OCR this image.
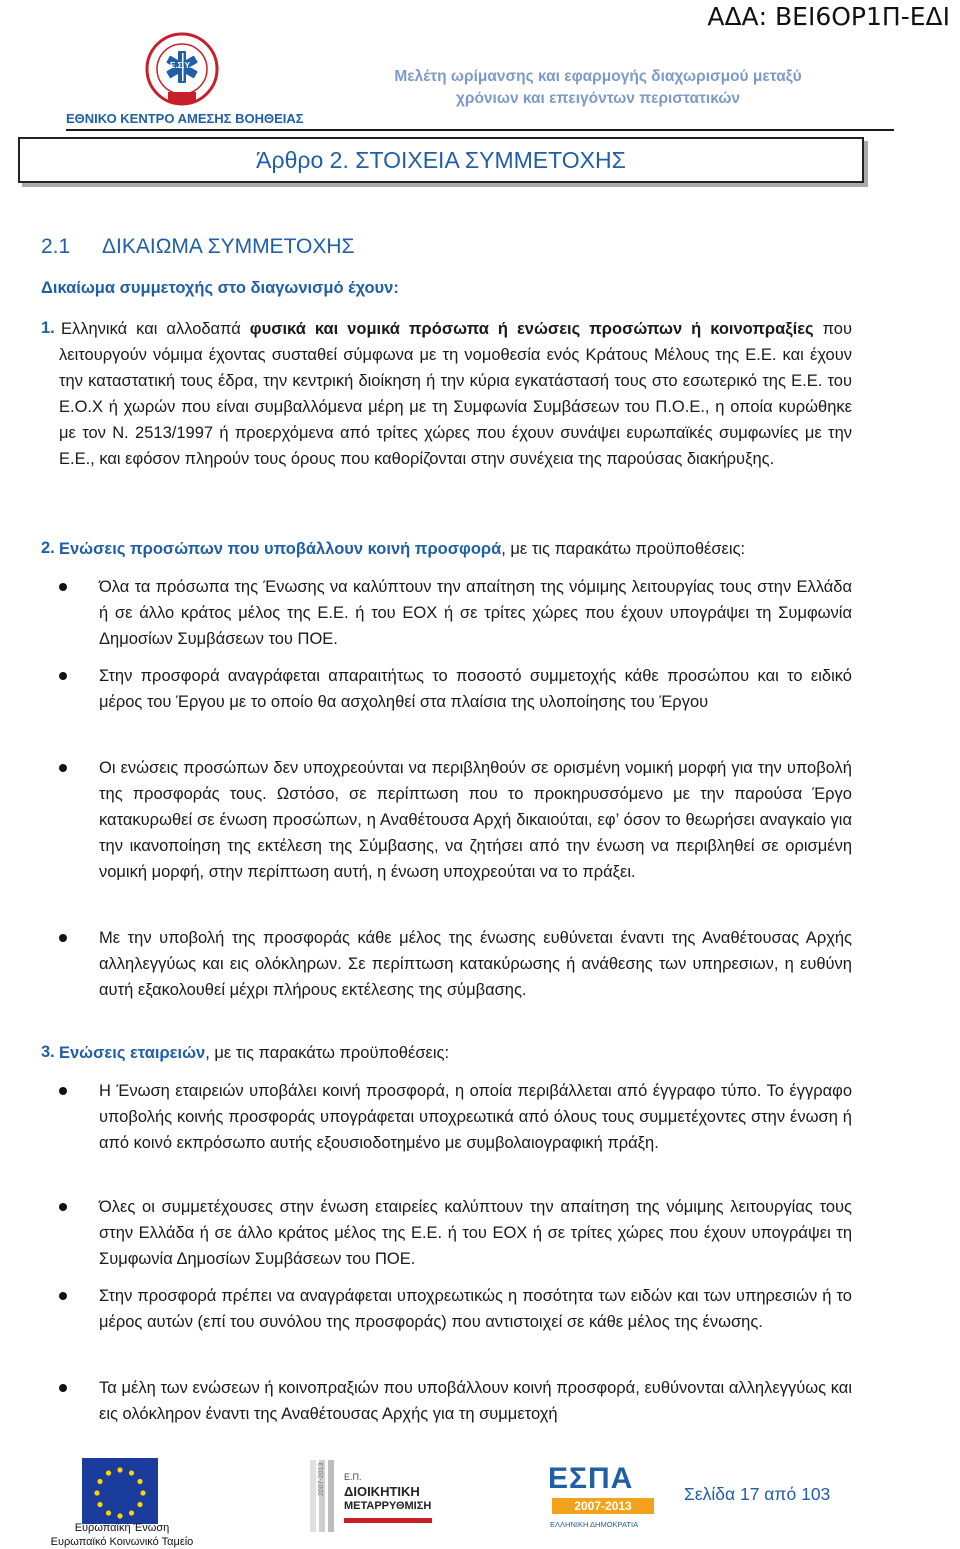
ΑΔΑ: ΒΕΙ6ΟΡ1Π-ΕΔΙ
Ε.Σ.Υ.
ΕΘΝΙΚΟ ΚΕΝΤΡΟ ΑΜΕΣΗΣ ΒΟΗΘΕΙΑΣ
Μελέτη ωρίμανσης και εφαρμογής διαχωρισμού μεταξύ
χρόνιων και επειγόντων περιστατικών
Άρθρο 2. ΣΤΟΙΧΕΙΑ ΣΥΜΜΕΤΟΧΗΣ
2.1 ΔΙΚΑΙΩΜΑ ΣΥΜΜΕΤΟΧΗΣ
Δικαίωμα συμμετοχής στο διαγωνισμό έχουν:
1. Ελληνικά και αλλοδαπά φυσικά και νομικά πρόσωπα ή ενώσεις προσώπων ή κοινοπραξίες που λειτουργούν νόμιμα έχοντας συσταθεί σύμφωνα με τη νομοθεσία ενός Κράτους Μέλους της Ε.Ε. και έχουν την καταστατική τους έδρα, την κεντρική διοίκηση ή την κύρια εγκατάστασή τους στο εσωτερικό της Ε.Ε. του Ε.Ο.Χ ή χωρών που είναι συμβαλλόμενα μέρη με τη Συμφωνία Συμβάσεων του Π.Ο.Ε., η οποία κυρώθηκε με τον Ν. 2513/1997 ή προερχόμενα από τρίτες χώρες που έχουν συνάψει ευρωπαϊκές συμφωνίες με την Ε.Ε., και εφόσον πληρούν τους όρους που καθορίζονται στην συνέχεια της παρούσας διακήρυξης.
2. Ενώσεις προσώπων που υποβάλλουν κοινή προσφορά, με τις παρακάτω προϋποθέσεις:
Όλα τα πρόσωπα της Ένωσης να καλύπτουν την απαίτηση της νόμιμης λειτουργίας τους στην Ελλάδα ή σε άλλο κράτος μέλος της Ε.Ε. ή του ΕΟΧ ή σε τρίτες χώρες που έχουν υπογράψει τη Συμφωνία Δημοσίων Συμβάσεων του ΠΟΕ.
Στην προσφορά αναγράφεται απαραιτήτως το ποσοστό συμμετοχής κάθε προσώπου και το ειδικό μέρος του Έργου με το οποίο θα ασχοληθεί στα πλαίσια της υλοποίησης του Έργου
Οι ενώσεις προσώπων δεν υποχρεούνται να περιβληθούν σε ορισμένη νομική μορφή για την υποβολή της προσφοράς τους. Ωστόσο, σε περίπτωση που το προκηρυσσόμενο με την παρούσα Έργο κατακυρωθεί σε ένωση προσώπων, η Αναθέτουσα Αρχή δικαιούται, εφ’ όσον το θεωρήσει αναγκαίο για την ικανοποίηση της εκτέλεση της Σύμβασης, να ζητήσει από την ένωση να περιβληθεί σε ορισμένη νομική μορφή, στην περίπτωση αυτή, η ένωση υποχρεούται να το πράξει.
Με την υποβολή της προσφοράς κάθε μέλος της ένωσης ευθύνεται έναντι της Αναθέτουσας Αρχής αλληλεγγύως και εις ολόκληρων. Σε περίπτωση κατακύρωσης ή ανάθεσης των υπηρεσιων, η ευθύνη αυτή εξακολουθεί μέχρι πλήρους εκτέλεσης της σύμβασης.
3. Ενώσεις εταιρειών, με τις παρακάτω προϋποθέσεις:
Η Ένωση εταιρειών υποβάλει κοινή προσφορά, η οποία περιβάλλεται από έγγραφο τύπο. Το έγγραφο υποβολής κοινής προσφοράς υπογράφεται υποχρεωτικά από όλους τους συμμετέχοντες στην ένωση ή από κοινό εκπρόσωπο αυτής εξουσιοδοτημένο με συμβολαιογραφική πράξη.
Όλες οι συμμετέχουσες στην ένωση εταιρείες καλύπτουν την απαίτηση της νόμιμης λειτουργίας τους στην Ελλάδα ή σε άλλο κράτος μέλος της Ε.Ε. ή του ΕΟΧ ή σε τρίτες χώρες που έχουν υπογράψει τη Συμφωνία Δημοσίων Συμβάσεων του ΠΟΕ.
Στην προσφορά πρέπει να αναγράφεται υποχρεωτικώς η ποσότητα των ειδών και των υπηρεσιών ή το μέρος αυτών (επί του συνόλου της προσφοράς) που αντιστοιχεί σε κάθε μέλος της ένωσης.
Τα μέλη των ενώσεων ή κοινοπραξιών που υποβάλλουν κοινή προσφορά, ευθύνονται αλληλεγγύως και εις ολόκληρον έναντι της Αναθέτουσας Αρχής για τη συμμετοχή
Ευρωπαϊκή Ένωση
Ευρωπαϊκό Κοινωνικό Ταμείο
2007-2013 Ε.Π.
ΔΙΟΙΚΗΤΙΚΗ
ΜΕΤΑΡΡΥΘΜΙΣΗ
ΕΣΠΑ
2007-2013
ΕΛΛΗΝΙΚΗ ΔΗΜΟΚΡΑΤΙΑ
Σελίδα 17 από 103
